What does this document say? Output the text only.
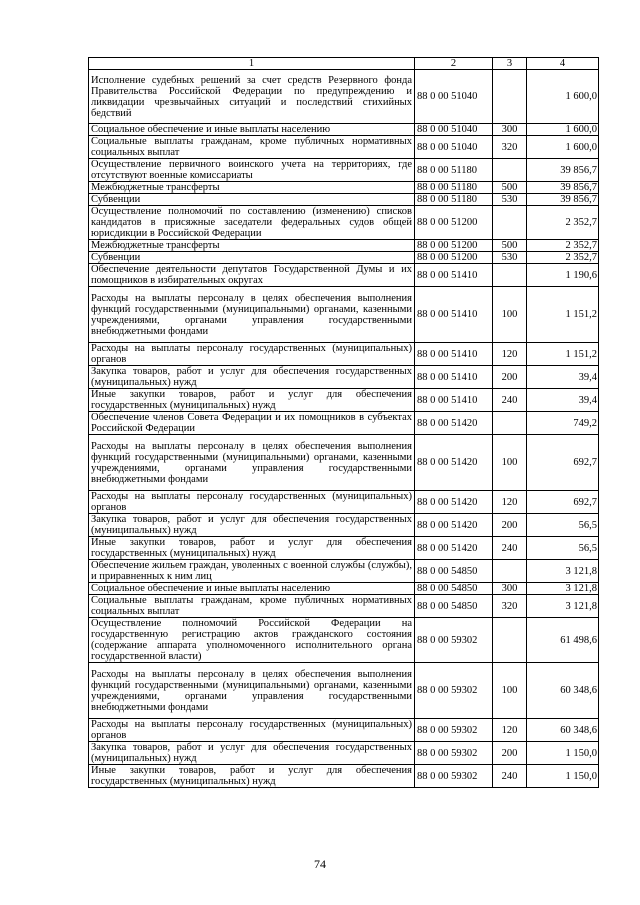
1	2	3	4
Исполнение судебных решений за счет средств Резервного фонда Правительства Российской Федерации по предупреждению и ликвидации чрезвычайных ситуаций и последствий стихийных бедствий	88 0 00 51040		1 600,0
Социальное обеспечение и иные выплаты населению	88 0 00 51040	300	1 600,0
Социальные выплаты гражданам, кроме публичных нормативных социальных выплат	88 0 00 51040	320	1 600,0
Осуществление первичного воинского учета на территориях, где отсутствуют военные комиссариаты	88 0 00 51180		39 856,7
Межбюджетные трансферты	88 0 00 51180	500	39 856,7
Субвенции	88 0 00 51180	530	39 856,7
Осуществление полномочий по составлению (изменению) списков кандидатов в присяжные заседатели федеральных судов общей юрисдикции в Российской Федерации	88 0 00 51200		2 352,7
Межбюджетные трансферты	88 0 00 51200	500	2 352,7
Субвенции	88 0 00 51200	530	2 352,7
Обеспечение деятельности депутатов Государственной Думы и их помощников в избирательных округах	88 0 00 51410		1 190,6
Расходы на выплаты персоналу в целях обеспечения выполнения функций государственными (муниципальными) органами, казенными учреждениями, органами управления государственными внебюджетными фондами	88 0 00 51410	100	1 151,2
Расходы на выплаты персоналу государственных (муниципальных) органов	88 0 00 51410	120	1 151,2
Закупка товаров, работ и услуг для обеспечения государственных (муниципальных) нужд	88 0 00 51410	200	39,4
Иные закупки товаров, работ и услуг для обеспечения государственных (муниципальных) нужд	88 0 00 51410	240	39,4
Обеспечение членов Совета Федерации и их помощников в субъектах Российской Федерации	88 0 00 51420		749,2
Расходы на выплаты персоналу в целях обеспечения выполнения функций государственными (муниципальными) органами, казенными учреждениями, органами управления государственными внебюджетными фондами	88 0 00 51420	100	692,7
Расходы на выплаты персоналу государственных (муниципальных) органов	88 0 00 51420	120	692,7
Закупка товаров, работ и услуг для обеспечения государственных (муниципальных) нужд	88 0 00 51420	200	56,5
Иные закупки товаров, работ и услуг для обеспечения государственных (муниципальных) нужд	88 0 00 51420	240	56,5
Обеспечение жильем граждан, уволенных с военной службы (службы), и приравненных к ним лиц	88 0 00 54850		3 121,8
Социальное обеспечение и иные выплаты населению	88 0 00 54850	300	3 121,8
Социальные выплаты гражданам, кроме публичных нормативных социальных выплат	88 0 00 54850	320	3 121,8
Осуществление полномочий Российской Федерации на государственную регистрацию актов гражданского состояния (содержание аппарата уполномоченного исполнительного органа государственной власти)	88 0 00 59302		61 498,6
Расходы на выплаты персоналу в целях обеспечения выполнения функций государственными (муниципальными) органами, казенными учреждениями, органами управления государственными внебюджетными фондами	88 0 00 59302	100	60 348,6
Расходы на выплаты персоналу государственных (муниципальных) органов	88 0 00 59302	120	60 348,6
Закупка товаров, работ и услуг для обеспечения государственных (муниципальных) нужд	88 0 00 59302	200	1 150,0
Иные закупки товаров, работ и услуг для обеспечения государственных (муниципальных) нужд	88 0 00 59302	240	1 150,0
74
